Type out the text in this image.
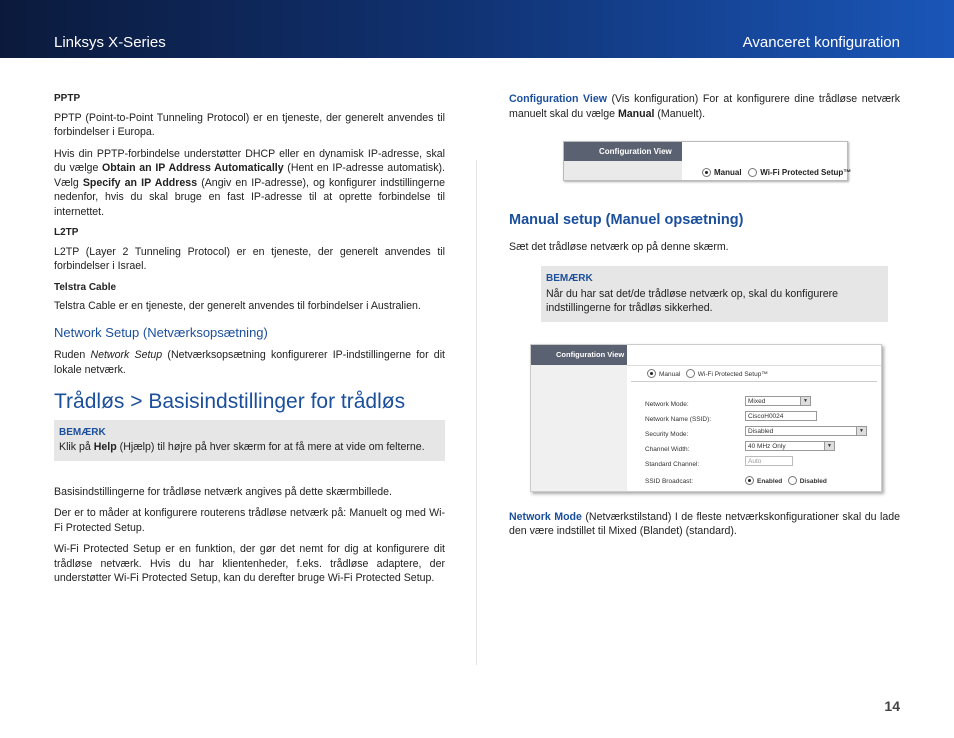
Linksys X-Series	Avanceret konfiguration
PPTP

PPTP (Point-to-Point Tunneling Protocol) er en tjeneste, der generelt anvendes til forbindelser i Europa.

Hvis din PPTP-forbindelse understøtter DHCP eller en dynamisk IP-adresse, skal du vælge Obtain an IP Address Automatically (Hent en IP-adresse automatisk). Vælg Specify an IP Address (Angiv en IP-adresse), og konfigurer indstillingerne nedenfor, hvis du skal bruge en fast IP-adresse til at oprette forbindelse til internettet.

L2TP

L2TP (Layer 2 Tunneling Protocol) er en tjeneste, der generelt anvendes til forbindelser i Israel.

Telstra Cable

Telstra Cable er en tjeneste, der generelt anvendes til forbindelser i Australien.

Network Setup (Netværksopsætning)

Ruden Network Setup (Netværksopsætning konfigurerer IP-indstillingerne for dit lokale netværk.

Trådløs > Basisindstillinger for trådløs
BEMÆRK

Klik på Help (Hjælp) til højre på hver skærm for at få mere at vide om felterne.

Basisindstillingerne for trådløse netværk angives på dette skærmbillede.

Der er to måder at konfigurere routerens trådløse netværk på: Manuelt og med Wi-Fi Protected Setup.

Wi-Fi Protected Setup er en funktion, der gør det nemt for dig at konfigurere dit trådløse netværk. Hvis du har klientenheder, f.eks. trådløse adaptere, der understøtter Wi-Fi Protected Setup, kan du derefter bruge Wi-Fi Protected Setup.

Configuration View (Vis konfiguration) For at konfigurere dine trådløse netværk manuelt skal du vælge Manual (Manuelt).

Configuration View
Manual Wi-Fi Protected Setup™
Manual setup (Manuel opsætning)

Sæt det trådløse netværk op på denne skærm.

BEMÆRK

Når du har sat det/de trådløse netværk op, skal du konfigurere indstillingerne for trådløs sikkerhed.

Configuration View
Manual	Wi-Fi Protected Setup™
Network Mode:	Mixed	▼
Network Name (SSID):	CiscoH0024
Security Mode:	Disabled	▼
Channel Width:	40 MHz Only	▼
Standard Channel:	Auto
SSID Broadcast:	Enabled	Disabled

Network Mode (Netværkstilstand) I de fleste netværkskonfigurationer skal du lade den være indstillet til Mixed (Blandet) (standard).

14
